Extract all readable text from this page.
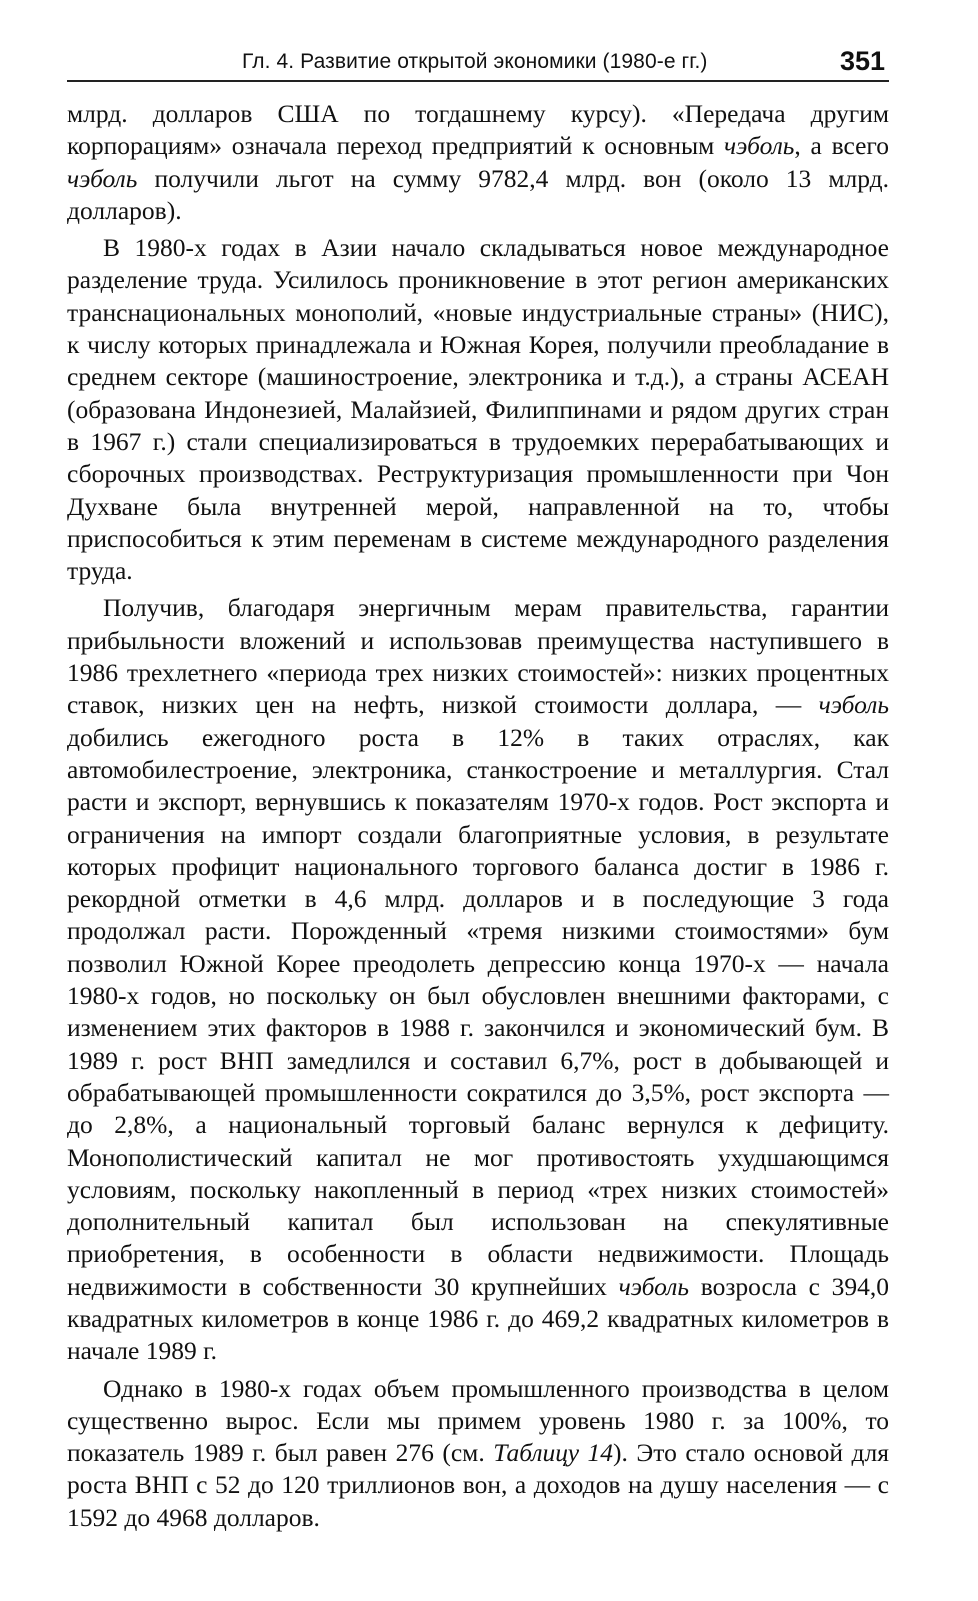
Гл. 4. Развитие открытой экономики (1980-е гг.)	351

млрд. долларов США по тогдашнему курсу). «Передача другим корпорациям» означала переход предприятий к основным чэболь, а всего чэболь получили льгот на сумму 9782,4 млрд. вон (около 13 млрд. долларов).

В 1980-х годах в Азии начало складываться новое международное разделение труда. Усилилось проникновение в этот регион американских транснациональных монополий, «новые индустриальные страны» (НИС), к числу которых принадлежала и Южная Корея, получили преобладание в среднем секторе (машиностроение, электроника и т.д.), а страны АСЕАН (образована Индонезией, Малайзией, Филиппинами и рядом других стран в 1967 г.) стали специализироваться в трудоемких перерабатывающих и сборочных производствах. Реструктуризация промышленности при Чон Духване была внутренней мерой, направленной на то, чтобы приспособиться к этим переменам в системе международного разделения труда.

Получив, благодаря энергичным мерам правительства, гарантии прибыльности вложений и использовав преимущества наступившего в 1986 трехлетнего «периода трех низких стоимостей»: низких процентных ставок, низких цен на нефть, низкой стоимости доллара, — чэболь добились ежегодного роста в 12% в таких отраслях, как автомобилестроение, электроника, станкостроение и металлургия. Стал расти и экспорт, вернувшись к показателям 1970-х годов. Рост экспорта и ограничения на импорт создали благоприятные условия, в результате которых профицит национального торгового баланса достиг в 1986 г. рекордной отметки в 4,6 млрд. долларов и в последующие 3 года продолжал расти. Порожденный «тремя низкими стоимостями» бум позволил Южной Корее преодолеть депрессию конца 1970-х — начала 1980-х годов, но поскольку он был обусловлен внешними факторами, с изменением этих факторов в 1988 г. закончился и экономический бум. В 1989 г. рост ВНП замедлился и составил 6,7%, рост в добывающей и обрабатывающей промышленности сократился до 3,5%, рост экспорта — до 2,8%, а национальный торговый баланс вернулся к дефициту. Монополистический капитал не мог противостоять ухудшающимся условиям, поскольку накопленный в период «трех низких стоимостей» дополнительный капитал был использован на спекулятивные приобретения, в особенности в области недвижимости. Площадь недвижимости в собственности 30 крупнейших чэболь возросла с 394,0 квадратных километров в конце 1986 г. до 469,2 квадратных километров в начале 1989 г.

Однако в 1980-х годах объем промышленного производства в целом существенно вырос. Если мы примем уровень 1980 г. за 100%, то показатель 1989 г. был равен 276 (см. Таблицу 14). Это стало основой для роста ВНП с 52 до 120 триллионов вон, а доходов на душу населения — с 1592 до 4968 долларов.
